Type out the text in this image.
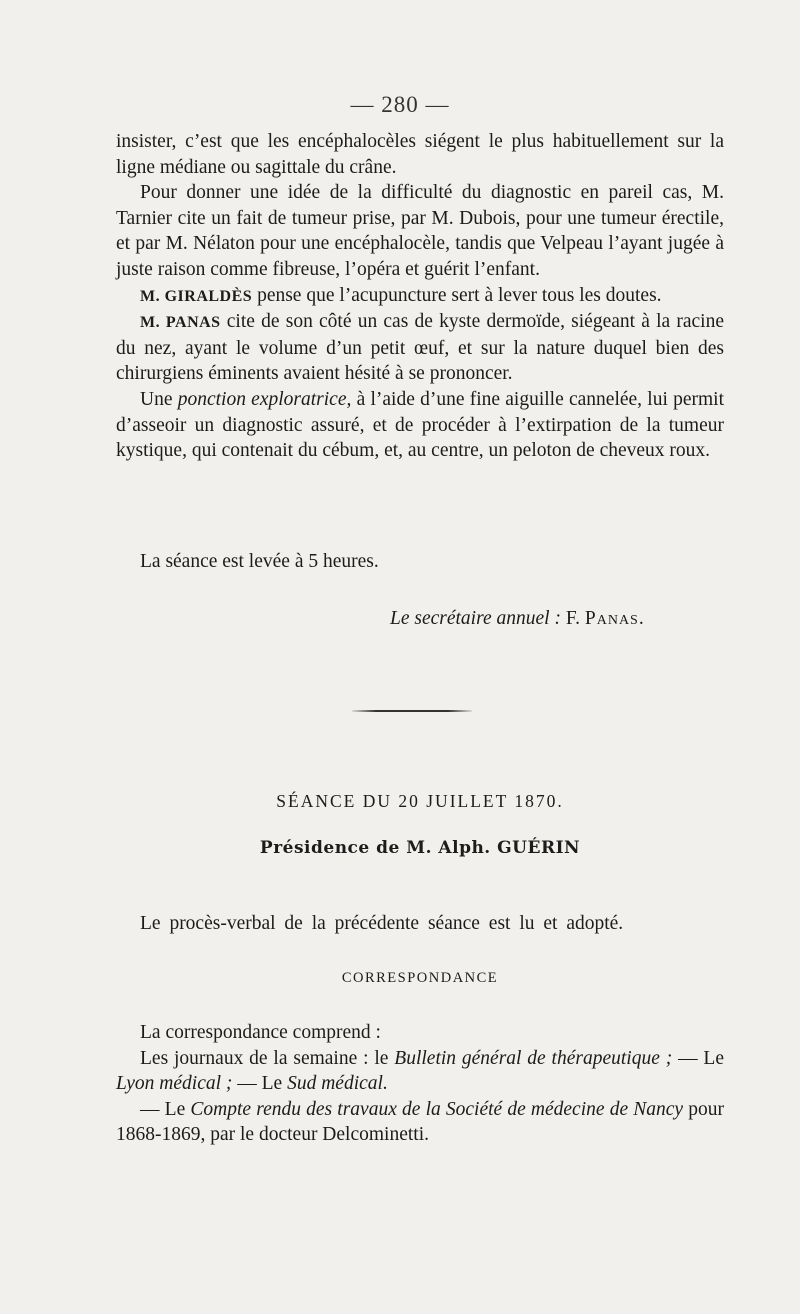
— 280 —

insister, c’est que les encéphalocèles siégent le plus habituellement sur la ligne médiane ou sagittale du crâne.

Pour donner une idée de la difficulté du diagnostic en pareil cas, M. Tarnier cite un fait de tumeur prise, par M. Dubois, pour une tumeur érectile, et par M. Nélaton pour une encéphalocèle, tandis que Velpeau l’ayant jugée à juste raison comme fibreuse, l’opéra et guérit l’enfant.

M. GIRALDÈS pense que l’acupuncture sert à lever tous les doutes.

M. PANAS cite de son côté un cas de kyste dermoïde, siégeant à la racine du nez, ayant le volume d’un petit œuf, et sur la nature duquel bien des chirurgiens éminents avaient hésité à se prononcer.

Une ponction exploratrice, à l’aide d’une fine aiguille cannelée, lui permit d’asseoir un diagnostic assuré, et de procéder à l’extirpation de la tumeur kystique, qui contenait du cébum, et, au centre, un peloton de cheveux roux.

La séance est levée à 5 heures.
Le secrétaire annuel : F. Panas.
SÉANCE DU 20 JUILLET 1870.
Présidence de M. Alph. GUÉRIN
Le procès-verbal de la précédente séance est lu et adopté.
CORRESPONDANCE

La correspondance comprend :

Les journaux de la semaine : le Bulletin général de thérapeutique ; — Le Lyon médical ; — Le Sud médical.

— Le Compte rendu des travaux de la Société de médecine de Nancy pour 1868-1869, par le docteur Delcominetti.
